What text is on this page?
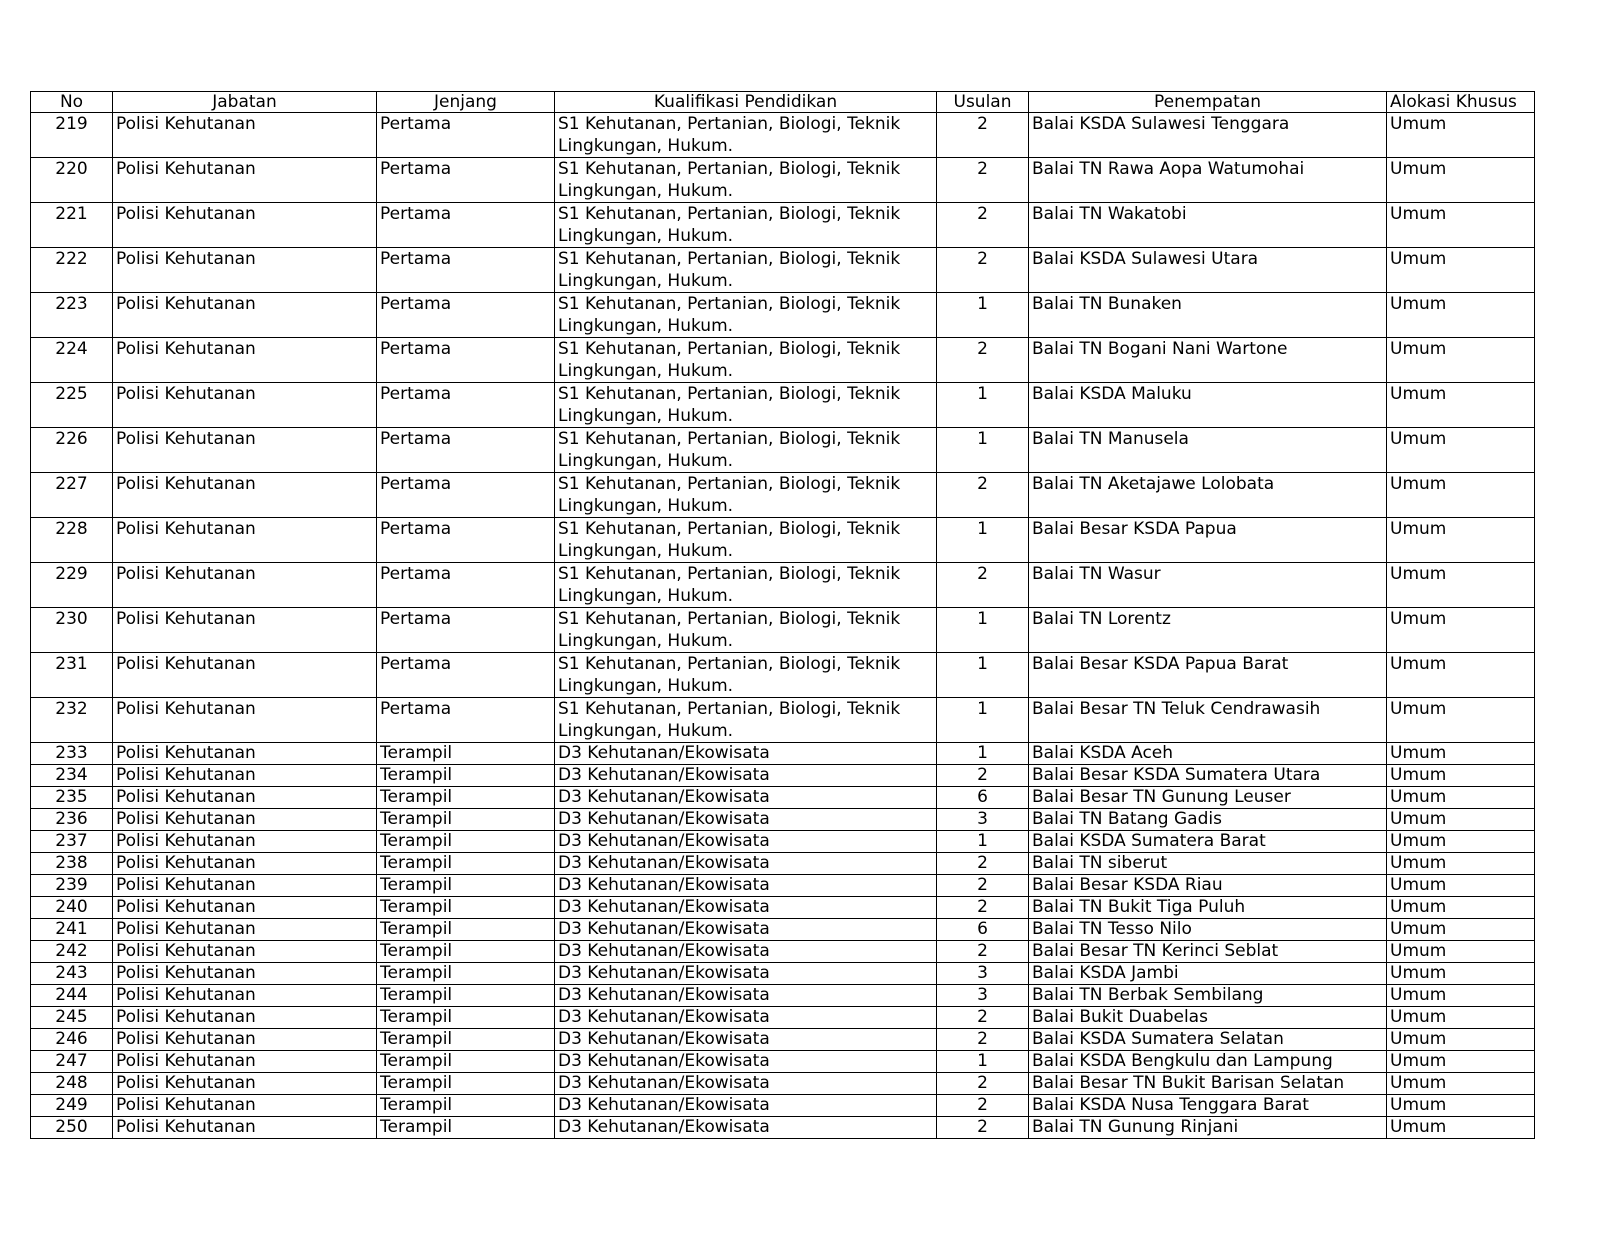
No	Jabatan	Jenjang	Kualifikasi Pendidikan	Usulan	Penempatan	Alokasi Khusus
219	Polisi Kehutanan	Pertama	S1 Kehutanan, Pertanian, Biologi, Teknik Lingkungan, Hukum.	2	Balai KSDA Sulawesi Tenggara	Umum
220	Polisi Kehutanan	Pertama	S1 Kehutanan, Pertanian, Biologi, Teknik Lingkungan, Hukum.	2	Balai TN Rawa Aopa Watumohai	Umum
221	Polisi Kehutanan	Pertama	S1 Kehutanan, Pertanian, Biologi, Teknik Lingkungan, Hukum.	2	Balai TN Wakatobi	Umum
222	Polisi Kehutanan	Pertama	S1 Kehutanan, Pertanian, Biologi, Teknik Lingkungan, Hukum.	2	Balai KSDA Sulawesi Utara	Umum
223	Polisi Kehutanan	Pertama	S1 Kehutanan, Pertanian, Biologi, Teknik Lingkungan, Hukum.	1	Balai TN Bunaken	Umum
224	Polisi Kehutanan	Pertama	S1 Kehutanan, Pertanian, Biologi, Teknik Lingkungan, Hukum.	2	Balai TN Bogani Nani Wartone	Umum
225	Polisi Kehutanan	Pertama	S1 Kehutanan, Pertanian, Biologi, Teknik Lingkungan, Hukum.	1	Balai KSDA Maluku	Umum
226	Polisi Kehutanan	Pertama	S1 Kehutanan, Pertanian, Biologi, Teknik Lingkungan, Hukum.	1	Balai TN Manusela	Umum
227	Polisi Kehutanan	Pertama	S1 Kehutanan, Pertanian, Biologi, Teknik Lingkungan, Hukum.	2	Balai TN Aketajawe Lolobata	Umum
228	Polisi Kehutanan	Pertama	S1 Kehutanan, Pertanian, Biologi, Teknik Lingkungan, Hukum.	1	Balai Besar KSDA Papua	Umum
229	Polisi Kehutanan	Pertama	S1 Kehutanan, Pertanian, Biologi, Teknik Lingkungan, Hukum.	2	Balai TN Wasur	Umum
230	Polisi Kehutanan	Pertama	S1 Kehutanan, Pertanian, Biologi, Teknik Lingkungan, Hukum.	1	Balai TN Lorentz	Umum
231	Polisi Kehutanan	Pertama	S1 Kehutanan, Pertanian, Biologi, Teknik Lingkungan, Hukum.	1	Balai Besar KSDA Papua Barat	Umum
232	Polisi Kehutanan	Pertama	S1 Kehutanan, Pertanian, Biologi, Teknik Lingkungan, Hukum.	1	Balai Besar TN Teluk Cendrawasih	Umum
233	Polisi Kehutanan	Terampil	D3 Kehutanan/Ekowisata	1	Balai KSDA Aceh	Umum
234	Polisi Kehutanan	Terampil	D3 Kehutanan/Ekowisata	2	Balai Besar KSDA Sumatera Utara	Umum
235	Polisi Kehutanan	Terampil	D3 Kehutanan/Ekowisata	6	Balai Besar TN Gunung Leuser	Umum
236	Polisi Kehutanan	Terampil	D3 Kehutanan/Ekowisata	3	Balai TN Batang Gadis	Umum
237	Polisi Kehutanan	Terampil	D3 Kehutanan/Ekowisata	1	Balai KSDA Sumatera Barat	Umum
238	Polisi Kehutanan	Terampil	D3 Kehutanan/Ekowisata	2	Balai TN siberut	Umum
239	Polisi Kehutanan	Terampil	D3 Kehutanan/Ekowisata	2	Balai Besar KSDA Riau	Umum
240	Polisi Kehutanan	Terampil	D3 Kehutanan/Ekowisata	2	Balai TN Bukit Tiga Puluh	Umum
241	Polisi Kehutanan	Terampil	D3 Kehutanan/Ekowisata	6	Balai TN Tesso Nilo	Umum
242	Polisi Kehutanan	Terampil	D3 Kehutanan/Ekowisata	2	Balai Besar TN Kerinci Seblat	Umum
243	Polisi Kehutanan	Terampil	D3 Kehutanan/Ekowisata	3	Balai KSDA Jambi	Umum
244	Polisi Kehutanan	Terampil	D3 Kehutanan/Ekowisata	3	Balai TN Berbak Sembilang	Umum
245	Polisi Kehutanan	Terampil	D3 Kehutanan/Ekowisata	2	Balai Bukit Duabelas	Umum
246	Polisi Kehutanan	Terampil	D3 Kehutanan/Ekowisata	2	Balai KSDA Sumatera Selatan	Umum
247	Polisi Kehutanan	Terampil	D3 Kehutanan/Ekowisata	1	Balai KSDA Bengkulu dan Lampung	Umum
248	Polisi Kehutanan	Terampil	D3 Kehutanan/Ekowisata	2	Balai Besar TN Bukit Barisan Selatan	Umum
249	Polisi Kehutanan	Terampil	D3 Kehutanan/Ekowisata	2	Balai KSDA Nusa Tenggara Barat	Umum
250	Polisi Kehutanan	Terampil	D3 Kehutanan/Ekowisata	2	Balai TN Gunung Rinjani	Umum
